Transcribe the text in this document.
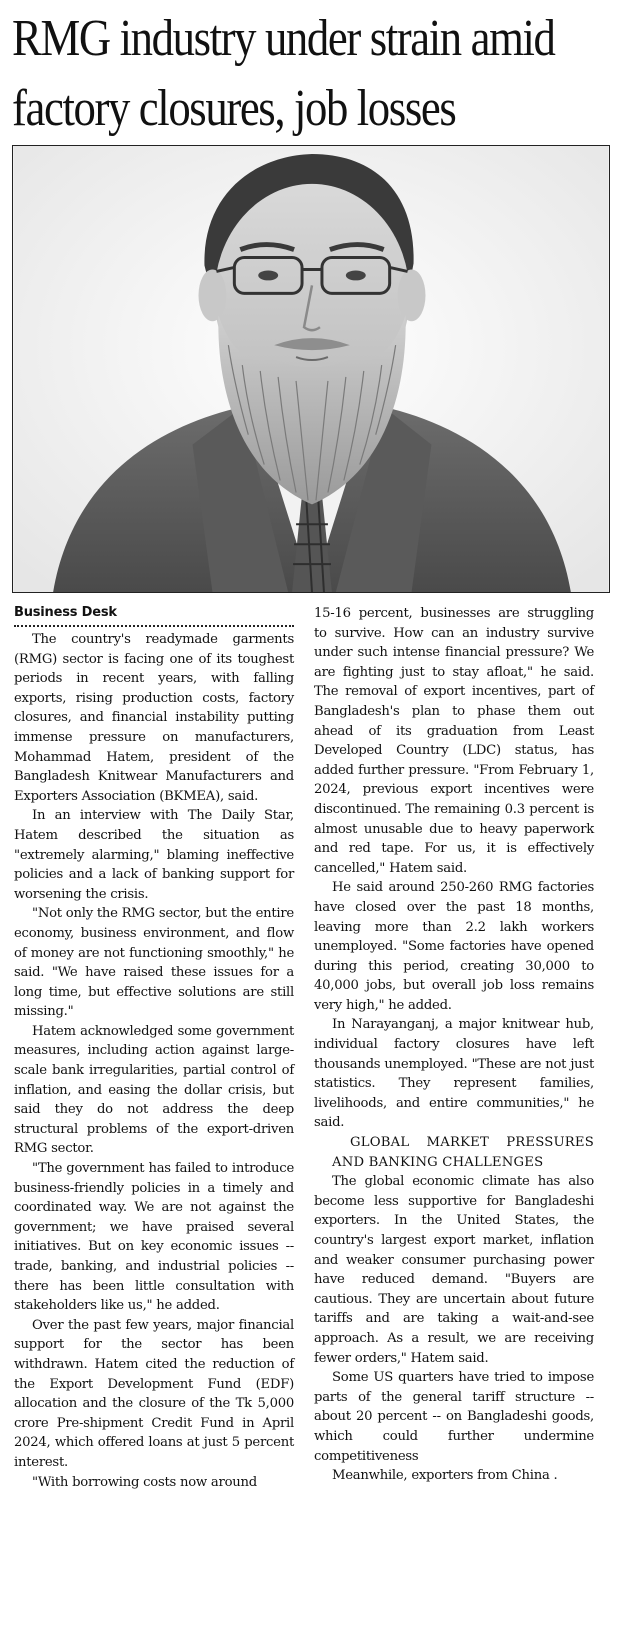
RMG industry under strain amid
factory closures, job losses
Business Desk

The country's readymade garments (RMG) sector is facing one of its toughest periods in recent years, with falling exports, rising production costs, factory closures, and financial instability putting immense pressure on manufacturers, Mohammad Hatem, president of the Bangladesh Knitwear Manufacturers and Exporters Association (BKMEA), said.

In an interview with The Daily Star, Hatem described the situation as "extremely alarming," blaming ineffective policies and a lack of banking support for worsening the crisis.

"Not only the RMG sector, but the entire economy, business environment, and flow of money are not functioning smoothly," he said. "We have raised these issues for a long time, but effective solutions are still missing."

Hatem acknowledged some government measures, including action against large-scale bank irregularities, partial control of inflation, and easing the dollar crisis, but said they do not address the deep structural problems of the export-driven RMG sector.

"The government has failed to introduce business-friendly policies in a timely and coordinated way. We are not against the government; we have praised several initiatives. But on key economic issues -- trade, banking, and industrial policies -- there has been little consultation with stakeholders like us," he added.

Over the past few years, major financial support for the sector has been withdrawn. Hatem cited the reduction of the Export Development Fund (EDF) allocation and the closure of the Tk 5,000 crore Pre-shipment Credit Fund in April 2024, which offered loans at just 5 percent interest.

"With borrowing costs now around

15-16 percent, businesses are struggling to survive. How can an industry survive under such intense financial pressure? We are fighting just to stay afloat," he said. The removal of export incentives, part of Bangladesh's plan to phase them out ahead of its graduation from Least Developed Country (LDC) status, has added further pressure. "From February 1, 2024, previous export incentives were discontinued. The remaining 0.3 percent is almost unusable due to heavy paperwork and red tape. For us, it is effectively cancelled," Hatem said.

He said around 250-260 RMG factories have closed over the past 18 months, leaving more than 2.2 lakh workers unemployed. "Some factories have opened during this period, creating 30,000 to 40,000 jobs, but overall job loss remains very high," he added.

In Narayanganj, a major knitwear hub, individual factory closures have left thousands unemployed. "These are not just statistics. They represent families, livelihoods, and entire communities," he said.

GLOBAL MARKET PRESSURES
AND BANKING CHALLENGES

The global economic climate has also become less supportive for Bangladeshi exporters. In the United States, the country's largest export market, inflation and weaker consumer purchasing power have reduced demand. "Buyers are cautious. They are uncertain about future tariffs and are taking a wait-and-see approach. As a result, we are receiving fewer orders," Hatem said.

Some US quarters have tried to impose parts of the general tariff structure -- about 20 percent -- on Bangladeshi goods, which could further undermine competitiveness

Meanwhile, exporters from China .
